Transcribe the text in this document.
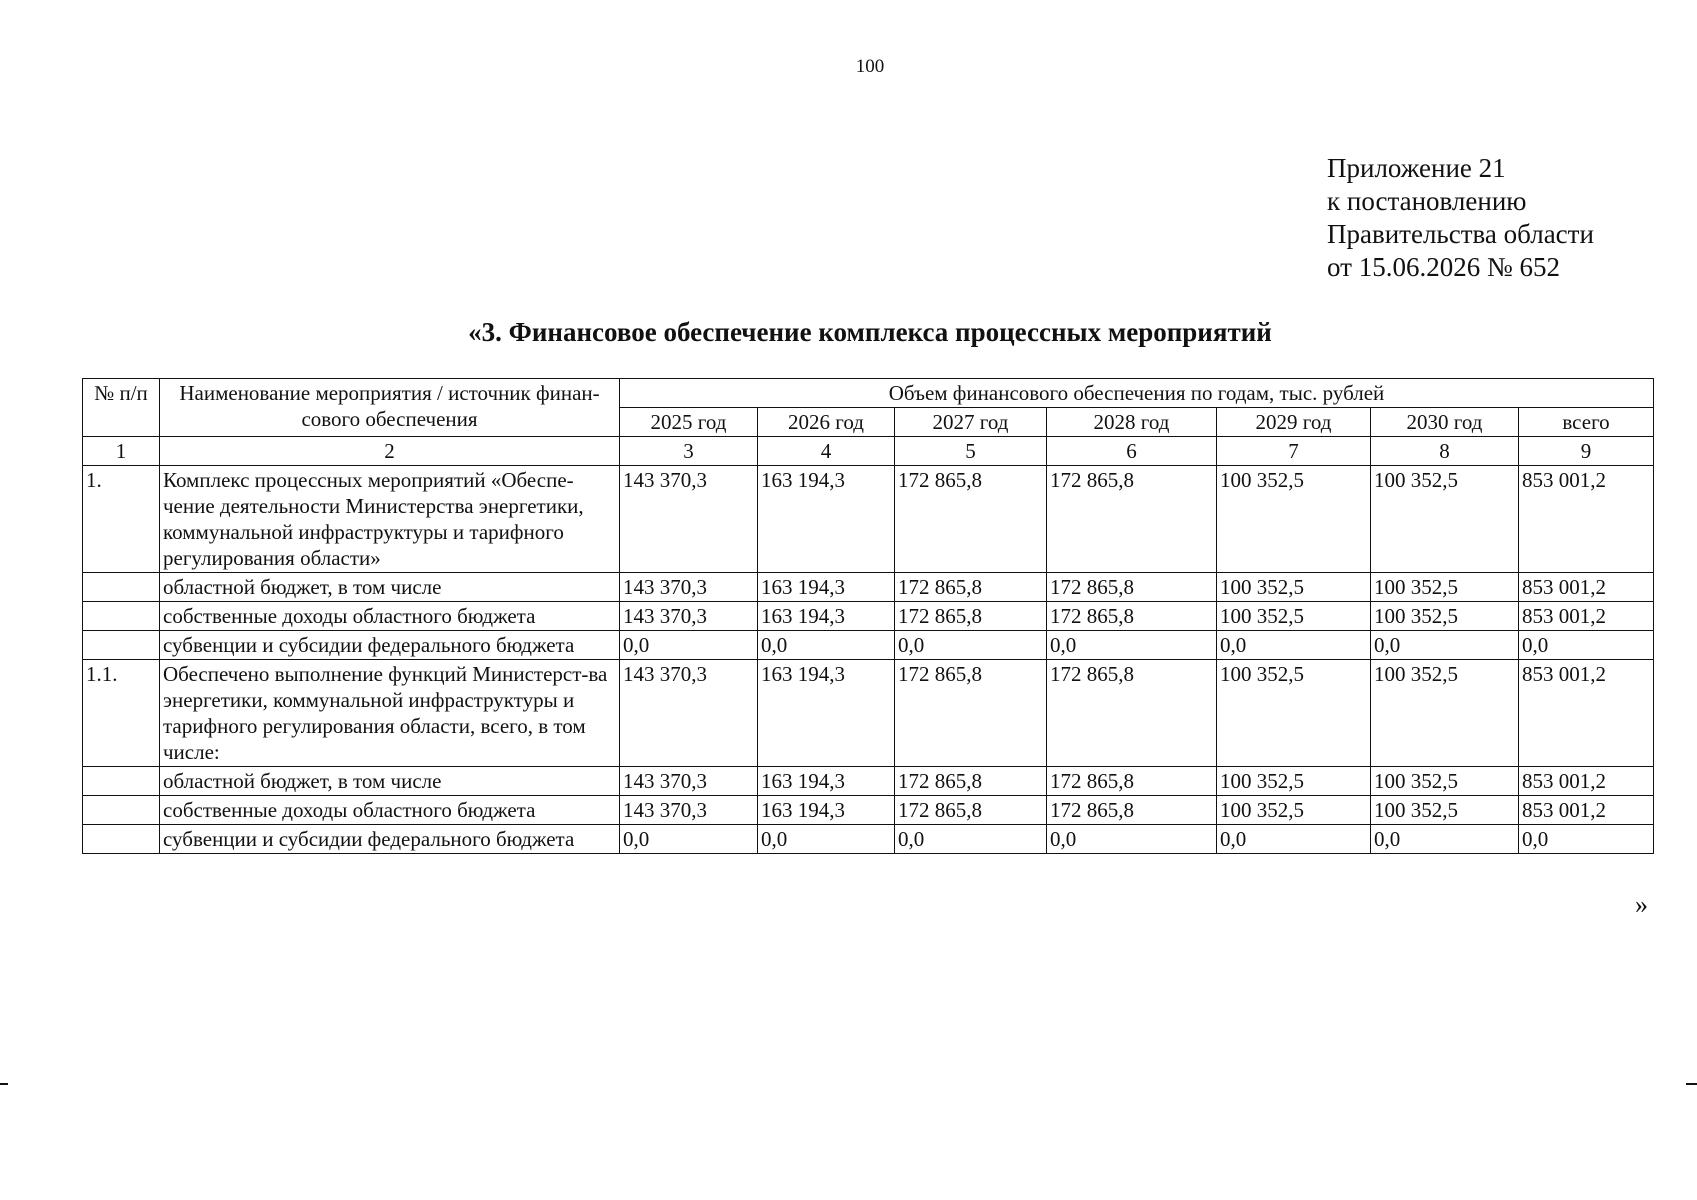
100
Приложение 21
к постановлению
Правительства области
от 15.06.2026 № 652
«3. Финансовое обеспечение комплекса процессных мероприятий
№ п/п	Наименование мероприятия / источник финан-сового обеспечения	Объем финансового обеспечения по годам, тыс. рублей						
		2025 год	2026 год	2027 год	2028 год	2029 год	2030 год	всего
1	2	3	4	5	6	7	8	9
1.	Комплекс процессных мероприятий «Обеспе-чение деятельности Министерства энергетики, коммунальной инфраструктуры и тарифного регулирования области»	143 370,3	163 194,3	172 865,8	172 865,8	100 352,5	100 352,5	853 001,2
	областной бюджет, в том числе	143 370,3	163 194,3	172 865,8	172 865,8	100 352,5	100 352,5	853 001,2
	собственные доходы областного бюджета	143 370,3	163 194,3	172 865,8	172 865,8	100 352,5	100 352,5	853 001,2
	субвенции и субсидии федерального бюджета	0,0	0,0	0,0	0,0	0,0	0,0	0,0
1.1.	Обеспечено выполнение функций Министерст-ва энергетики, коммунальной инфраструктуры и тарифного регулирования области, всего, в том числе:	143 370,3	163 194,3	172 865,8	172 865,8	100 352,5	100 352,5	853 001,2
	областной бюджет, в том числе	143 370,3	163 194,3	172 865,8	172 865,8	100 352,5	100 352,5	853 001,2
	собственные доходы областного бюджета	143 370,3	163 194,3	172 865,8	172 865,8	100 352,5	100 352,5	853 001,2
	субвенции и субсидии федерального бюджета	0,0	0,0	0,0	0,0	0,0	0,0	0,0
»
